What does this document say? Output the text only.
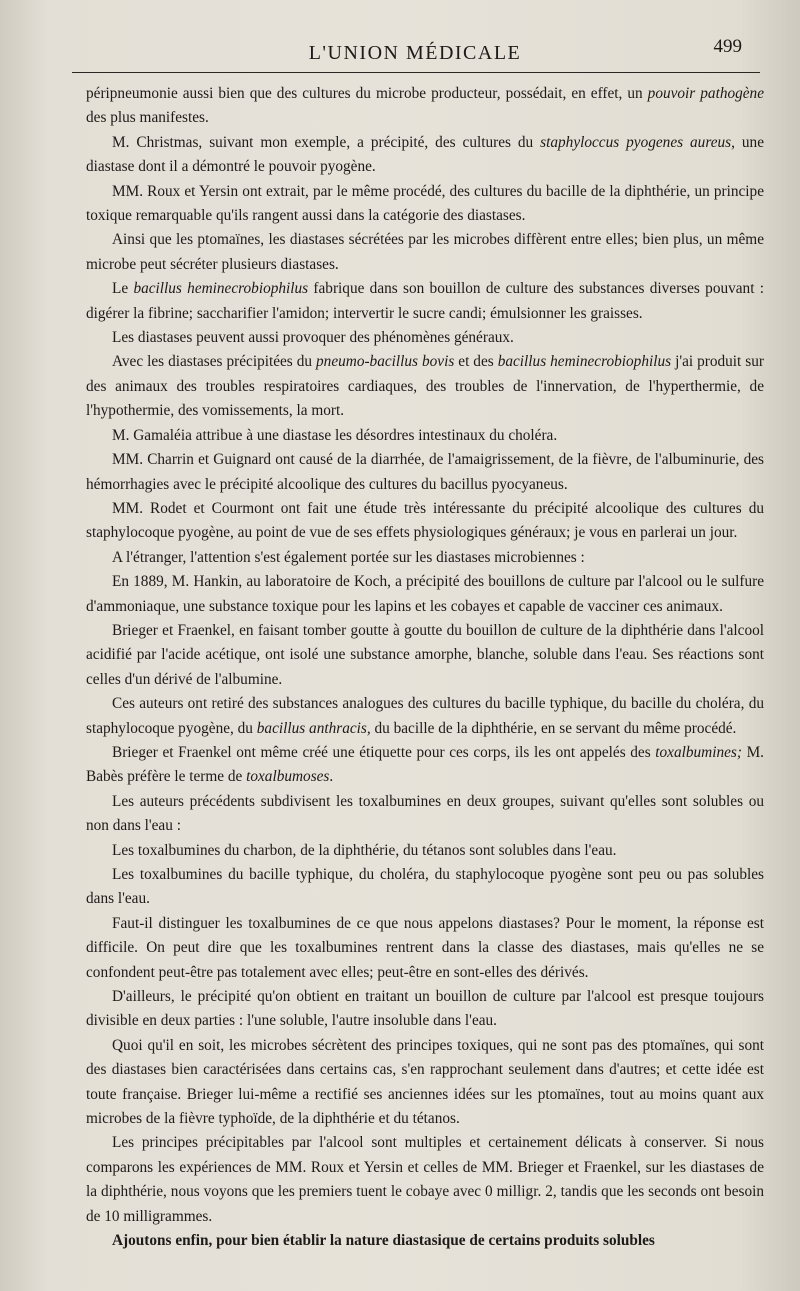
L'UNION MÉDICALE	499

péripneumonie aussi bien que des cultures du microbe producteur, possédait, en effet, un pouvoir pathogène des plus manifestes.

M. Christmas, suivant mon exemple, a précipité, des cultures du staphyloccus pyogenes aureus, une diastase dont il a démontré le pouvoir pyogène.

MM. Roux et Yersin ont extrait, par le même procédé, des cultures du bacille de la diphthérie, un principe toxique remarquable qu'ils rangent aussi dans la catégorie des diastases.

Ainsi que les ptomaïnes, les diastases sécrétées par les microbes diffèrent entre elles; bien plus, un même microbe peut sécréter plusieurs diastases.

Le bacillus heminecrobiophilus fabrique dans son bouillon de culture des substances diverses pouvant : digérer la fibrine; saccharifier l'amidon; intervertir le sucre candi; émulsionner les graisses.

Les diastases peuvent aussi provoquer des phénomènes généraux.

Avec les diastases précipitées du pneumo-bacillus bovis et des bacillus heminecrobiophilus j'ai produit sur des animaux des troubles respiratoires cardiaques, des troubles de l'innervation, de l'hyperthermie, de l'hypothermie, des vomissements, la mort.

M. Gamaléia attribue à une diastase les désordres intestinaux du choléra.

MM. Charrin et Guignard ont causé de la diarrhée, de l'amaigrissement, de la fièvre, de l'albuminurie, des hémorrhagies avec le précipité alcoolique des cultures du bacillus pyocyaneus.

MM. Rodet et Courmont ont fait une étude très intéressante du précipité alcoolique des cultures du staphylocoque pyogène, au point de vue de ses effets physiologiques généraux; je vous en parlerai un jour.

A l'étranger, l'attention s'est également portée sur les diastases microbiennes :

En 1889, M. Hankin, au laboratoire de Koch, a précipité des bouillons de culture par l'alcool ou le sulfure d'ammoniaque, une substance toxique pour les lapins et les cobayes et capable de vacciner ces animaux.

Brieger et Fraenkel, en faisant tomber goutte à goutte du bouillon de culture de la diphthérie dans l'alcool acidifié par l'acide acétique, ont isolé une substance amorphe, blanche, soluble dans l'eau. Ses réactions sont celles d'un dérivé de l'albumine.

Ces auteurs ont retiré des substances analogues des cultures du bacille typhique, du bacille du choléra, du staphylocoque pyogène, du bacillus anthracis, du bacille de la diphthérie, en se servant du même procédé.

Brieger et Fraenkel ont même créé une étiquette pour ces corps, ils les ont appelés des toxalbumines; M. Babès préfère le terme de toxalbumoses.

Les auteurs précédents subdivisent les toxalbumines en deux groupes, suivant qu'elles sont solubles ou non dans l'eau :

Les toxalbumines du charbon, de la diphthérie, du tétanos sont solubles dans l'eau.

Les toxalbumines du bacille typhique, du choléra, du staphylocoque pyogène sont peu ou pas solubles dans l'eau.

Faut-il distinguer les toxalbumines de ce que nous appelons diastases? Pour le moment, la réponse est difficile. On peut dire que les toxalbumines rentrent dans la classe des diastases, mais qu'elles ne se confondent peut-être pas totalement avec elles; peut-être en sont-elles des dérivés.

D'ailleurs, le précipité qu'on obtient en traitant un bouillon de culture par l'alcool est presque toujours divisible en deux parties : l'une soluble, l'autre insoluble dans l'eau.

Quoi qu'il en soit, les microbes sécrètent des principes toxiques, qui ne sont pas des ptomaïnes, qui sont des diastases bien caractérisées dans certains cas, s'en rapprochant seulement dans d'autres; et cette idée est toute française. Brieger lui-même a rectifié ses anciennes idées sur les ptomaïnes, tout au moins quant aux microbes de la fièvre typhoïde, de la diphthérie et du tétanos.

Les principes précipitables par l'alcool sont multiples et certainement délicats à conserver. Si nous comparons les expériences de MM. Roux et Yersin et celles de MM. Brieger et Fraenkel, sur les diastases de la diphthérie, nous voyons que les premiers tuent le cobaye avec 0 milligr. 2, tandis que les seconds ont besoin de 10 milligrammes.

Ajoutons enfin, pour bien établir la nature diastasique de certains produits solubles
